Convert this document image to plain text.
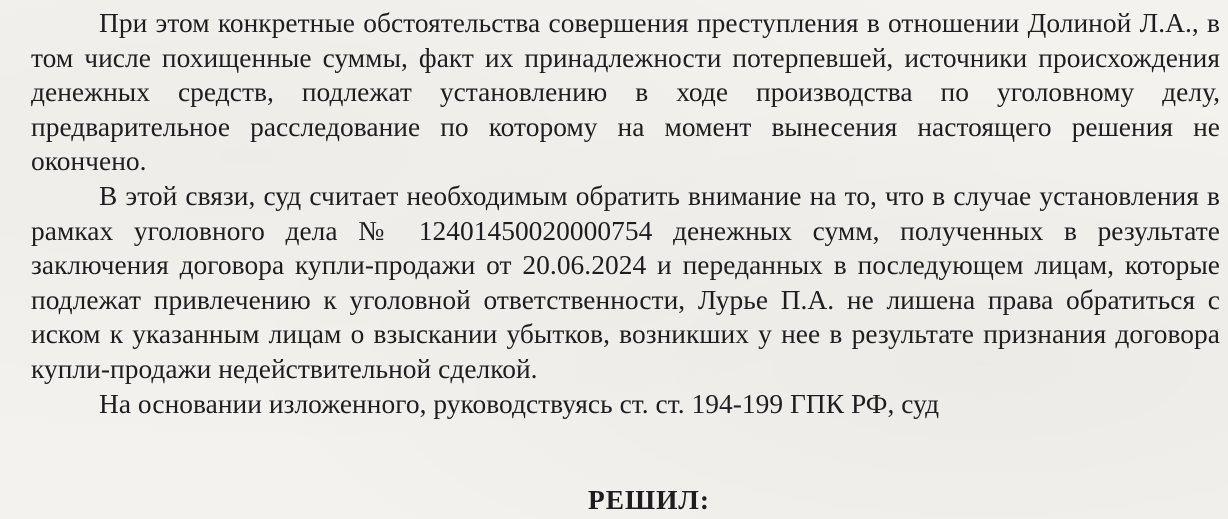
При этом конкретные обстоятельства совершения преступления в отношении Долиной Л.А., в том числе похищенные суммы, факт их принадлежности потерпевшей, источники происхождения денежных средств, подлежат установлению в ходе производства по уголовному делу, предварительное расследование по которому на момент вынесения настоящего решения не окончено.

В этой связи, суд считает необходимым обратить внимание на то, что в случае установления в рамках уголовного дела № 12401450020000754 денежных сумм, полученных в результате заключения договора купли-продажи от 20.06.2024 и переданных в последующем лицам, которые подлежат привлечению к уголовной ответственности, Лурье П.А. не лишена права обратиться с иском к указанным лицам о взыскании убытков, возникших у нее в результате признания договора купли-продажи недействительной сделкой.

На основании изложенного, руководствуясь ст. ст. 194-199 ГПК РФ, суд

РЕШИЛ:
